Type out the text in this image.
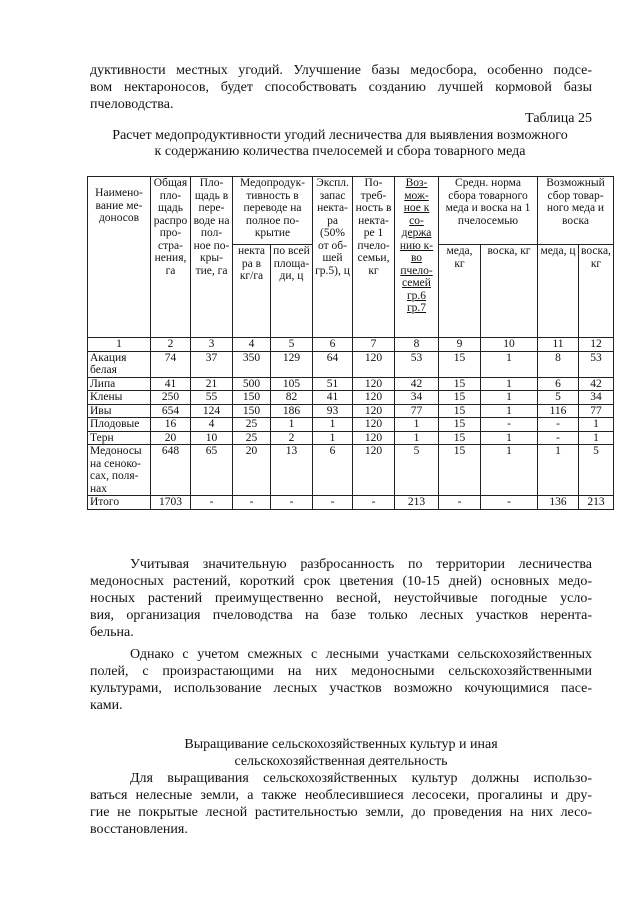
дуктивности местных угодий. Улучшение базы медосбора, особенно подсе-
вом нектароносов, будет способствовать созданию лучшей кормовой базы
пчеловодства.
Таблица 25
Расчет медопродуктивности угодий лесничества для выявления возможного
к содержанию количества пчелосемей и сбора товарного меда
Наимено-вание ме-доносов	Общая пло-щадь распро про-стра-нения, га	Пло-щадь в пере-воде на пол-ное по-кры-тие, га	Медопродук-тивность в переводе на полное по-крытие		Экспл. запас некта-ра (50% от об-шей гр.5), ц	По-треб-ность в некта-ре 1 пчело-семьи, кг	Воз-мож-ное к со-держа нию к-во пчело-семей гр.6 гр.7	Средн. норма сбора товарного меда и воска на 1 пчелосемью		Возможный сбор товар-ного меда и воска	
			некта ра в кг/га	по всей площа-ди, ц				меда, кг	воска, кг	меда, ц	воска, кг
1	2	3	4	5	6	7	8	9	10	11	12
Акация белая	74	37	350	129	64	120	53	15	1	8	53
Липа	41	21	500	105	51	120	42	15	1	6	42
Клены	250	55	150	82	41	120	34	15	1	5	34
Ивы	654	124	150	186	93	120	77	15	1	116	77
Плодовые	16	4	25	1	1	120	1	15	-	-	1
Терн	20	10	25	2	1	120	1	15	1	-	1
Медоносы на сеноко-сах, поля-нах	648	65	20	13	6	120	5	15	1	1	5
Итого	1703	-	-	-	-	-	213	-	-	136	213
Учитывая значительную разбросанность по территории лесничества
медоносных растений, короткий срок цветения (10-15 дней) основных медо-
носных растений преимущественно весной, неустойчивые погодные усло-
вия, организация пчеловодства на базе только лесных участков нерента-
бельна.
Однако с учетом смежных с лесными участками сельскохозяйственных
полей, с произрастающими на них медоносными сельскохозяйственными
культурами, использование лесных участков возможно кочующимися пасе-
ками.
Выращивание сельскохозяйственных культур и иная
сельскохозяйственная деятельность
Для выращивания сельскохозяйственных культур должны использо-
ваться нелесные земли, а также необлесившиеся лесосеки, прогалины и дру-
гие не покрытые лесной растительностью земли, до проведения на них лесо-
восстановления.
